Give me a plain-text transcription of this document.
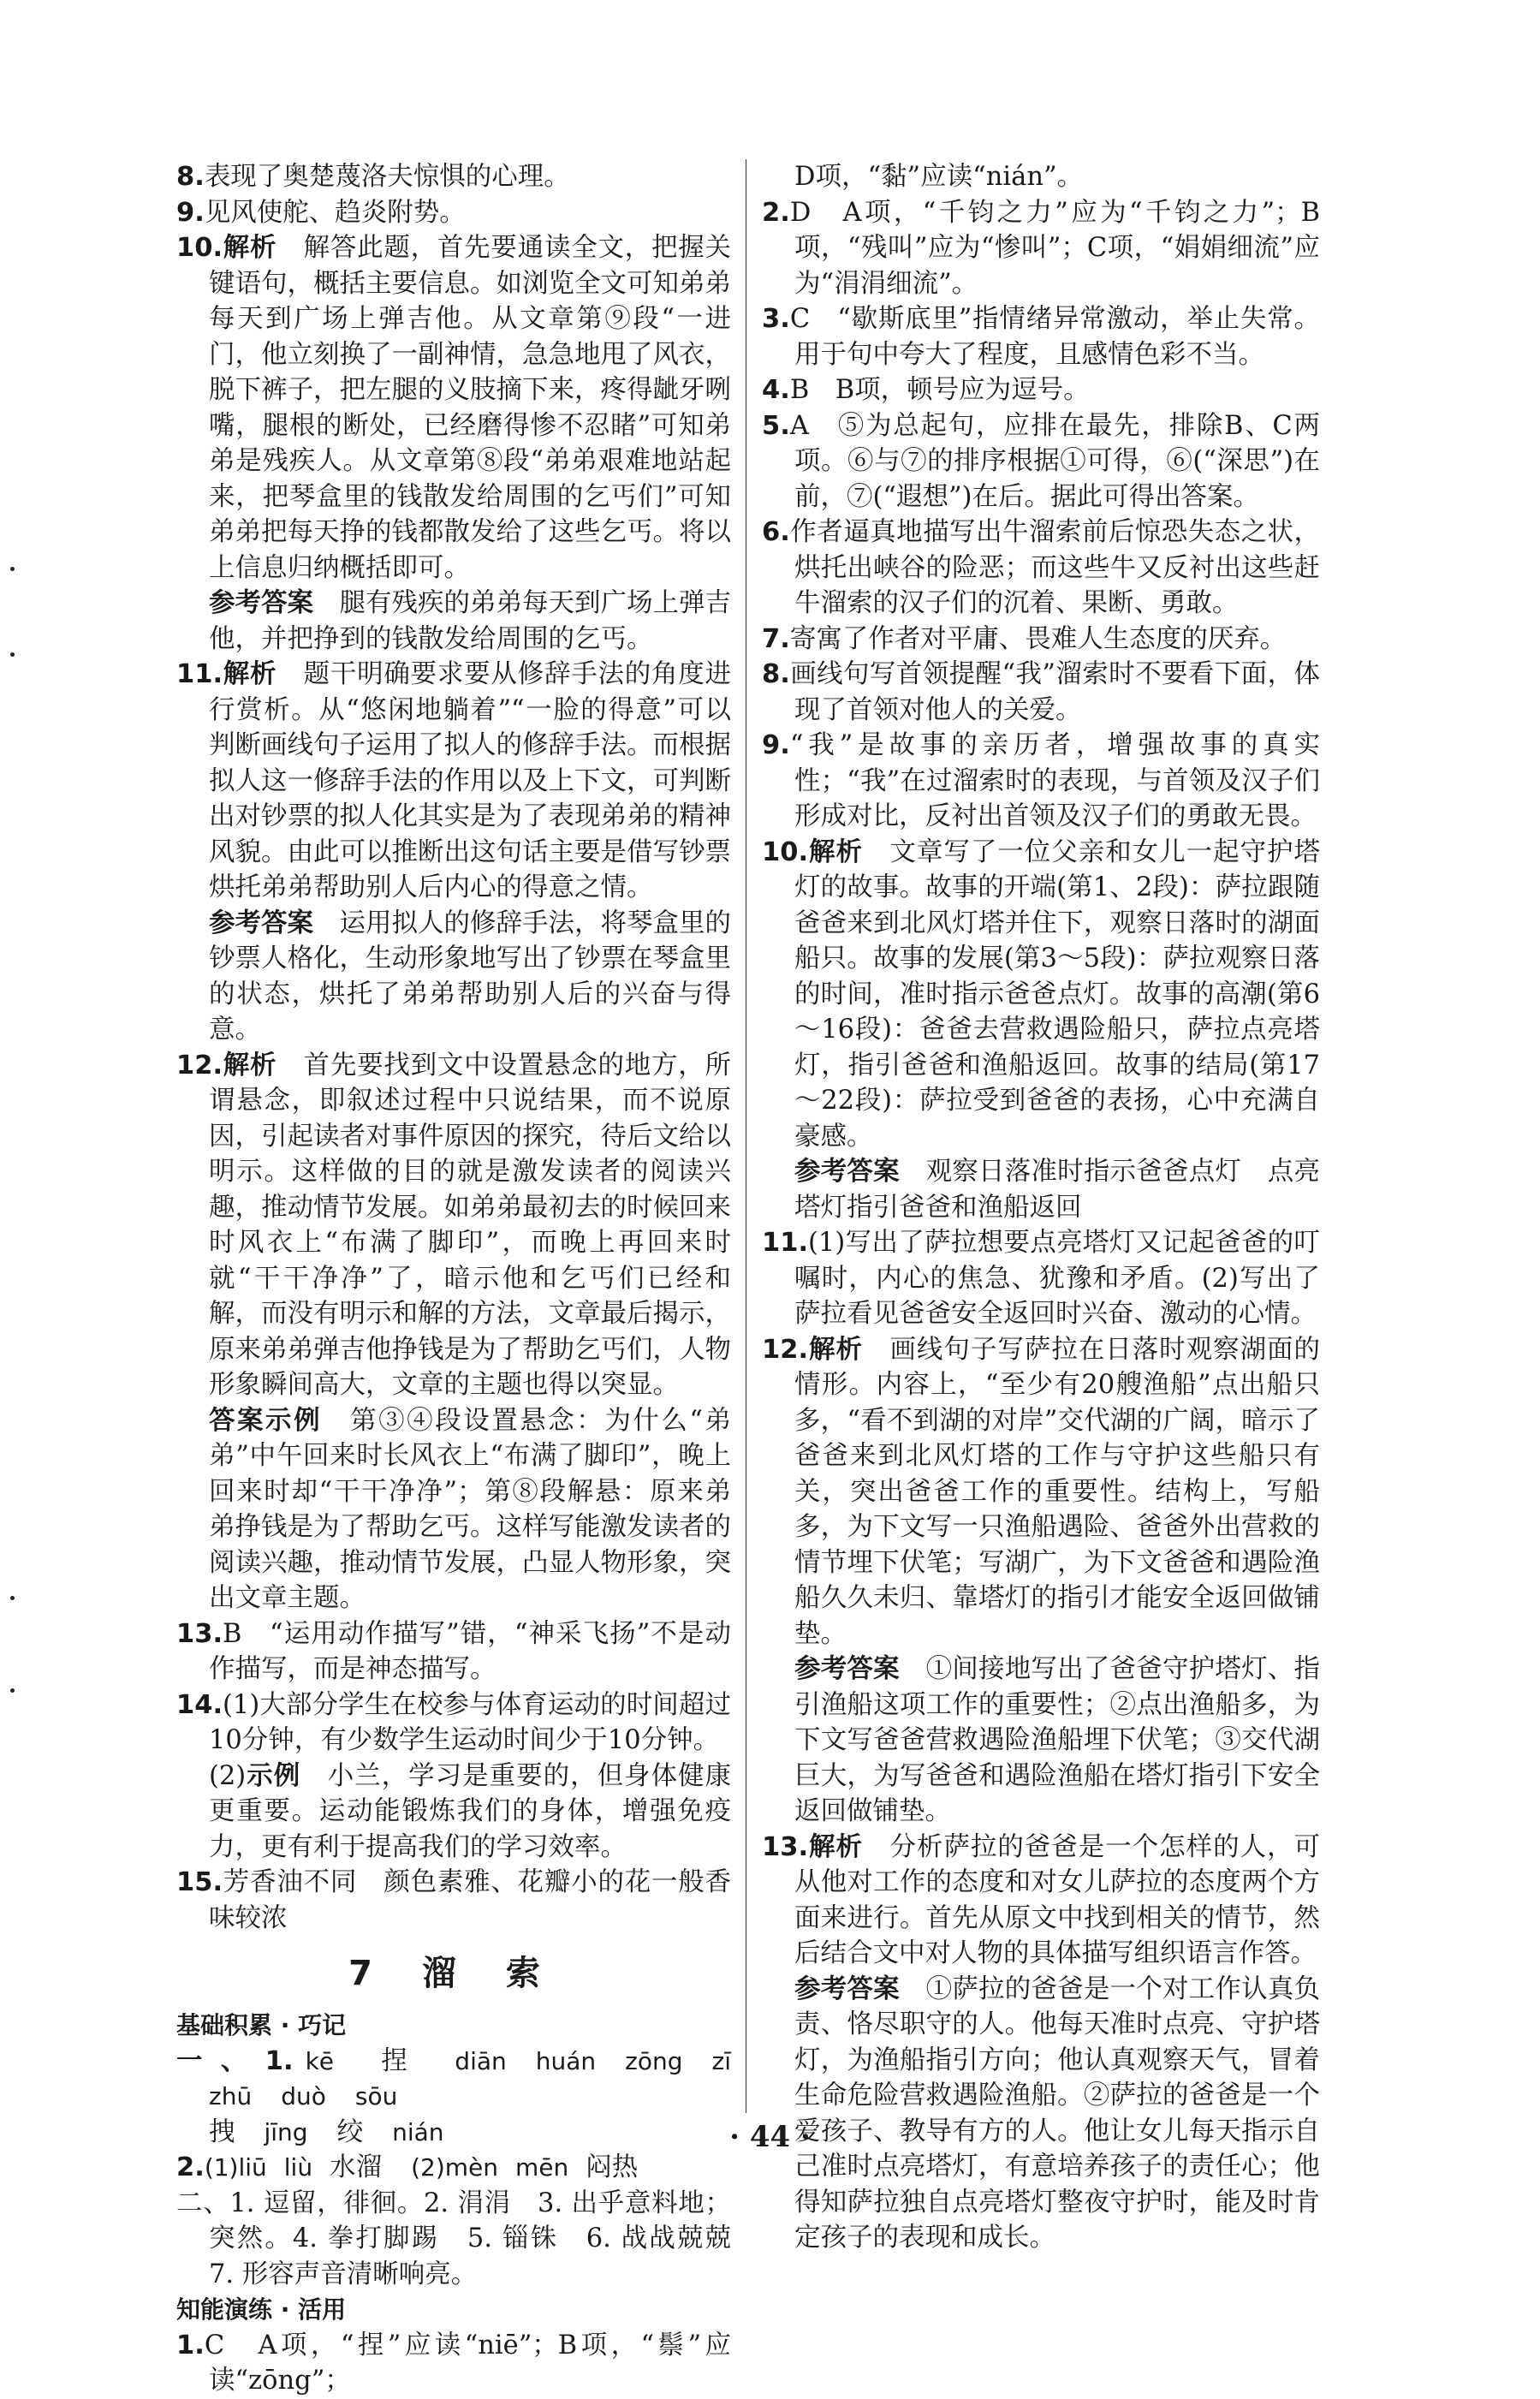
8.表现了奥楚蔑洛夫惊惧的心理。

9.见风使舵、趋炎附势。

10.解析　 解答此题，首先要通读全文，把握关键语句，概括主要信息。如浏览全文可知弟弟每天到广场上弹吉他。从文章第⑨段“一进门，他立刻换了一副神情，急急地甩了风衣，脱下裤子，把左腿的义肢摘下来，疼得龇牙咧嘴，腿根的断处，已经磨得惨不忍睹”可知弟弟是残疾人。从文章第⑧段“弟弟艰难地站起来，把琴盒里的钱散发给周围的乞丐们”可知弟弟把每天挣的钱都散发给了这些乞丐。将以上信息归纳概括即可。

参考答案　 腿有残疾的弟弟每天到广场上弹吉他，并把挣到的钱散发给周围的乞丐。

11.解析　 题干明确要求要从修辞手法的角度进行赏析。从“悠闲地躺着”“一脸的得意”可以判断画线句子运用了拟人的修辞手法。而根据拟人这一修辞手法的作用以及上下文，可判断出对钞票的拟人化其实是为了表现弟弟的精神风貌。由此可以推断出这句话主要是借写钞票烘托弟弟帮助别人后内心的得意之情。

参考答案　 运用拟人的修辞手法，将琴盒里的钞票人格化，生动形象地写出了钞票在琴盒里的状态，烘托了弟弟帮助别人后的兴奋与得意。

12.解析　 首先要找到文中设置悬念的地方，所谓悬念，即叙述过程中只说结果，而不说原因，引起读者对事件原因的探究，待后文给以明示。这样做的目的就是激发读者的阅读兴趣，推动情节发展。如弟弟最初去的时候回来时风衣上“布满了脚印”，而晚上再回来时就“干干净净”了，暗示他和乞丐们已经和解，而没有明示和解的方法，文章最后揭示，原来弟弟弹吉他挣钱是为了帮助乞丐们，人物形象瞬间高大，文章的主题也得以突显。

答案示例　 第③④段设置悬念：为什么“弟弟”中午回来时长风衣上“布满了脚印”，晚上回来时却“干干净净”；第⑧段解悬：原来弟弟挣钱是为了帮助乞丐。这样写能激发读者的阅读兴趣，推动情节发展，凸显人物形象，突出文章主题。

13.B　“运用动作描写”错，“神采飞扬”不是动作描写，而是神态描写。

14.(1)大部分学生在校参与体育运动的时间超过10分钟，有少数学生运动时间少于10分钟。

(2)示例　 小兰，学习是重要的，但身体健康更重要。运动能锻炼我们的身体，增强免疫力，更有利于提高我们的学习效率。

15.芳香油不同　颜色素雅、花瓣小的花一般香味较浓

7 溜 索

基础积累 · 巧记

一、1. kē 捏 diān huán zōng zī zhū duò sōu

拽 jīng 绞 nián

2.(1)liū liù 水溜 (2)mèn mēn 闷热

二、1. 逗留，徘徊。2. 涓涓　3. 出乎意料地；突然。4. 拳打脚踢　5. 锱铢　6. 战战兢兢　7. 形容声音清晰响亮。

知能演练 · 活用

1.C　A项，“捏”应读“niē”；B项，“鬃”应读“zōng”；

D项，“黏”应读“nián”。

2.D　A项，“千钧之力”应为“千钧之力”；B项，“残叫”应为“惨叫”；C项，“娟娟细流”应为“涓涓细流”。

3.C　“歇斯底里”指情绪异常激动，举止失常。用于句中夸大了程度，且感情色彩不当。

4.B　B项，顿号应为逗号。

5.A　⑤为总起句，应排在最先，排除B、C两项。⑥与⑦的排序根据①可得，⑥(“深思”)在前，⑦(“遐想”)在后。据此可得出答案。

6.作者逼真地描写出牛溜索前后惊恐失态之状，烘托出峡谷的险恶；而这些牛又反衬出这些赶牛溜索的汉子们的沉着、果断、勇敢。

7.寄寓了作者对平庸、畏难人生态度的厌弃。

8.画线句写首领提醒“我”溜索时不要看下面，体现了首领对他人的关爱。

9.“我”是故事的亲历者，增强故事的真实性；“我”在过溜索时的表现，与首领及汉子们形成对比，反衬出首领及汉子们的勇敢无畏。

10.解析　 文章写了一位父亲和女儿一起守护塔灯的故事。故事的开端(第1、2段)：萨拉跟随爸爸来到北风灯塔并住下，观察日落时的湖面船只。故事的发展(第3～5段)：萨拉观察日落的时间，准时指示爸爸点灯。故事的高潮(第6～16段)：爸爸去营救遇险船只，萨拉点亮塔灯，指引爸爸和渔船返回。故事的结局(第17～22段)：萨拉受到爸爸的表扬，心中充满自豪感。

参考答案　 观察日落准时指示爸爸点灯　点亮塔灯指引爸爸和渔船返回

11.(1)写出了萨拉想要点亮塔灯又记起爸爸的叮嘱时，内心的焦急、犹豫和矛盾。(2)写出了萨拉看见爸爸安全返回时兴奋、激动的心情。

12.解析　 画线句子写萨拉在日落时观察湖面的情形。内容上，“至少有20艘渔船”点出船只多，“看不到湖的对岸”交代湖的广阔，暗示了爸爸来到北风灯塔的工作与守护这些船只有关，突出爸爸工作的重要性。结构上，写船多，为下文写一只渔船遇险、爸爸外出营救的情节埋下伏笔；写湖广，为下文爸爸和遇险渔船久久未归、靠塔灯的指引才能安全返回做铺垫。

参考答案　 ①间接地写出了爸爸守护塔灯、指引渔船这项工作的重要性；②点出渔船多，为下文写爸爸营救遇险渔船埋下伏笔；③交代湖巨大，为写爸爸和遇险渔船在塔灯指引下安全返回做铺垫。

13.解析　 分析萨拉的爸爸是一个怎样的人，可从他对工作的态度和对女儿萨拉的态度两个方面来进行。首先从原文中找到相关的情节，然后结合文中对人物的具体描写组织语言作答。

参考答案　 ①萨拉的爸爸是一个对工作认真负责、恪尽职守的人。他每天准时点亮、守护塔灯，为渔船指引方向；他认真观察天气，冒着生命危险营救遇险渔船。②萨拉的爸爸是一个爱孩子、教导有方的人。他让女儿每天指示自己准时点亮塔灯，有意培养孩子的责任心；他得知萨拉独自点亮塔灯整夜守护时，能及时肯定孩子的表现和成长。

· 44 ·
